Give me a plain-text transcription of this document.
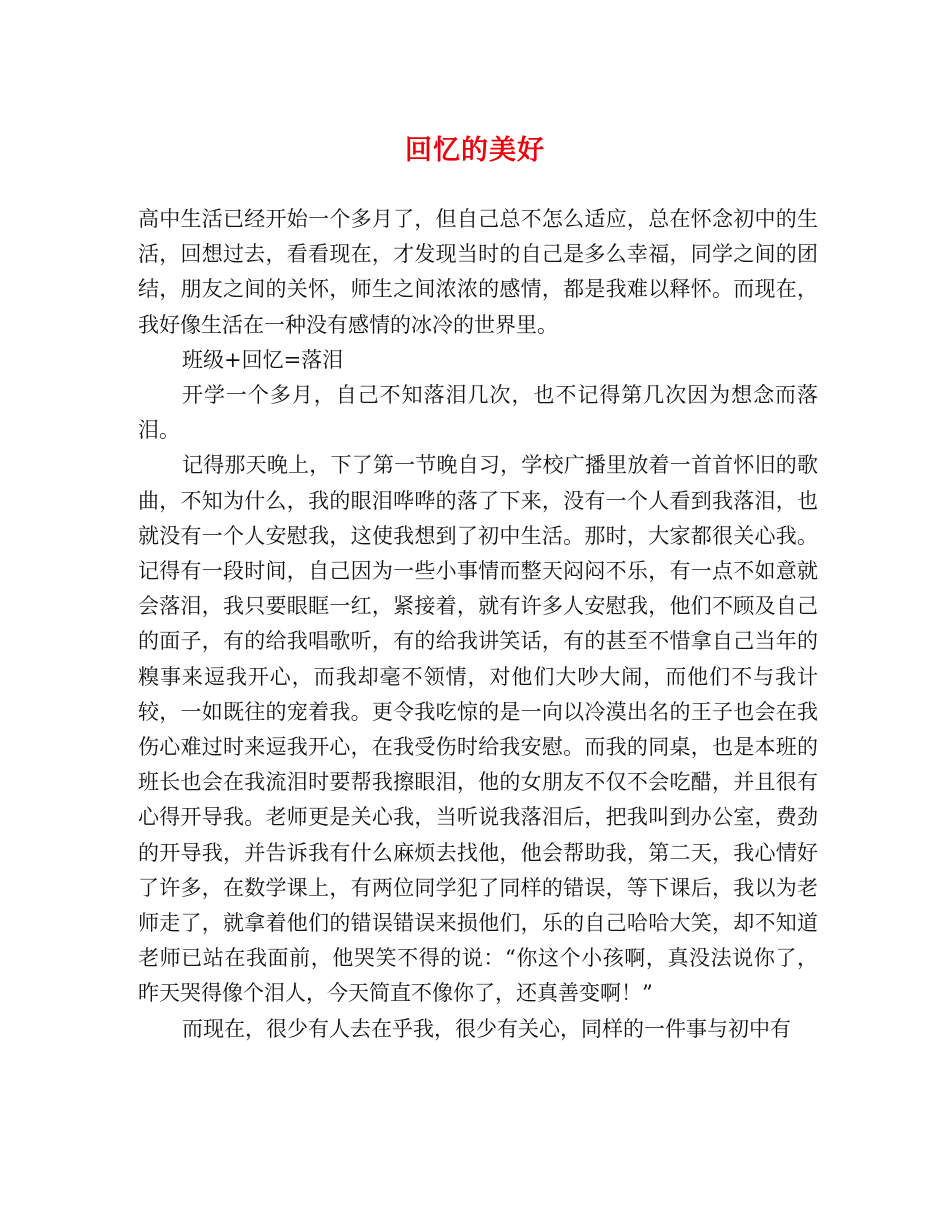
回忆的美好

高中生活已经开始一个多月了，但自己总不怎么适应，总在怀念初中的生活，回想过去，看看现在，才发现当时的自己是多么幸福，同学之间的团结，朋友之间的关怀，师生之间浓浓的感情，都是我难以释怀。而现在，我好像生活在一种没有感情的冰冷的世界里。

班级+回忆=落泪

开学一个多月，自己不知落泪几次，也不记得第几次因为想念而落泪。

记得那天晚上，下了第一节晚自习，学校广播里放着一首首怀旧的歌曲，不知为什么，我的眼泪哗哗的落了下来，没有一个人看到我落泪，也就没有一个人安慰我，这使我想到了初中生活。那时，大家都很关心我。记得有一段时间，自己因为一些小事情而整天闷闷不乐，有一点不如意就会落泪，我只要眼眶一红，紧接着，就有许多人安慰我，他们不顾及自己的面子，有的给我唱歌听，有的给我讲笑话，有的甚至不惜拿自己当年的糗事来逗我开心，而我却毫不领情，对他们大吵大闹，而他们不与我计较，一如既往的宠着我。更令我吃惊的是一向以冷漠出名的王子也会在我伤心难过时来逗我开心，在我受伤时给我安慰。而我的同桌，也是本班的班长也会在我流泪时要帮我擦眼泪，他的女朋友不仅不会吃醋，并且很有心得开导我。老师更是关心我，当听说我落泪后，把我叫到办公室，费劲的开导我，并告诉我有什么麻烦去找他，他会帮助我，第二天，我心情好了许多，在数学课上，有两位同学犯了同样的错误，等下课后，我以为老师走了，就拿着他们的错误错误来损他们，乐的自己哈哈大笑，却不知道老师已站在我面前，他哭笑不得的说：“你这个小孩啊，真没法说你了，昨天哭得像个泪人，今天简直不像你了，还真善变啊！”

而现在，很少有人去在乎我，很少有关心，同样的一件事与初中有
